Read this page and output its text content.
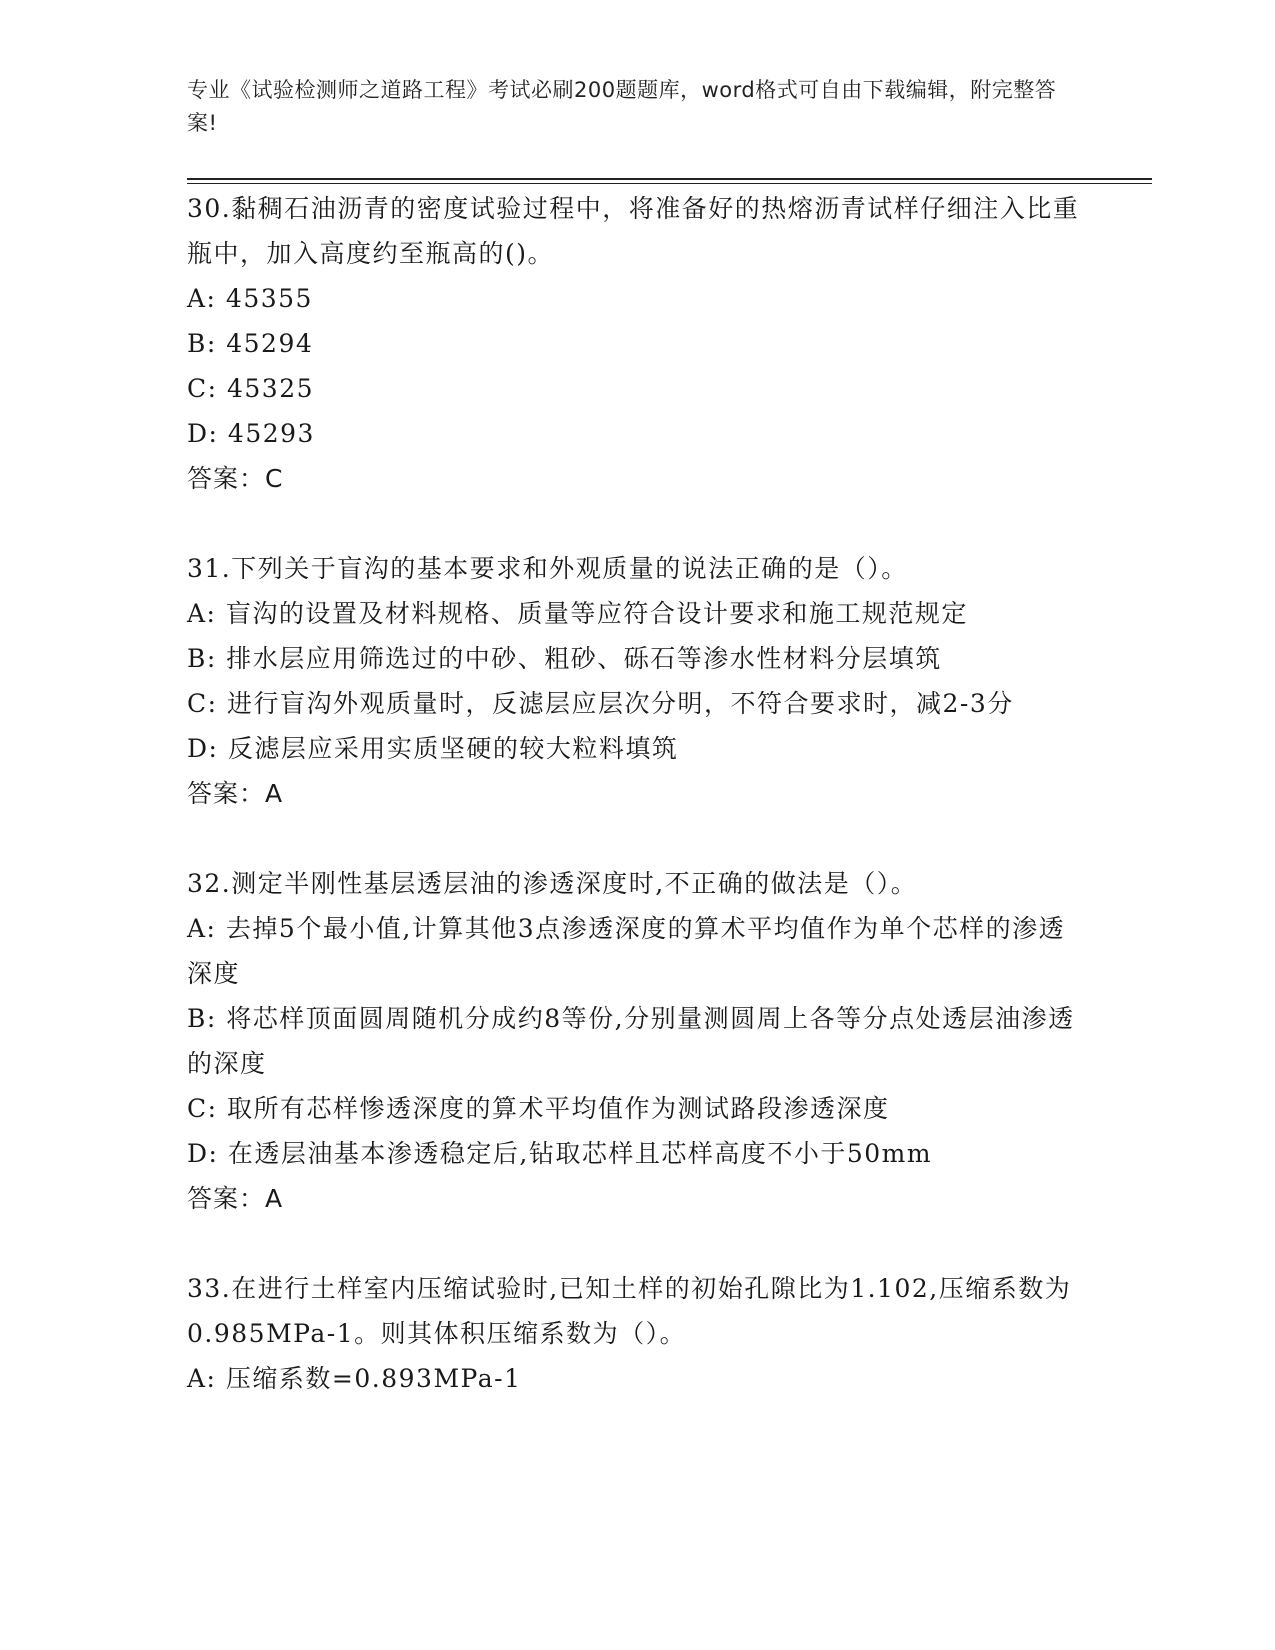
专业《试验检测师之道路工程》考试必刷200题题库，word格式可自由下载编辑，附完整答案!
30.黏稠石油沥青的密度试验过程中，将准备好的热熔沥青试样仔细注入比重瓶中，加入高度约至瓶高的()。
A: 45355
B: 45294
C: 45325
D: 45293
答案：C
31.下列关于盲沟的基本要求和外观质量的说法正确的是（）。
A: 盲沟的设置及材料规格、质量等应符合设计要求和施工规范规定
B: 排水层应用筛选过的中砂、粗砂、砾石等渗水性材料分层填筑
C: 进行盲沟外观质量时，反滤层应层次分明，不符合要求时，减2-3分
D: 反滤层应采用实质坚硬的较大粒料填筑
答案：A
32.测定半刚性基层透层油的渗透深度时,不正确的做法是（）。
A: 去掉5个最小值,计算其他3点渗透深度的算术平均值作为单个芯样的渗透深度
B: 将芯样顶面圆周随机分成约8等份,分别量测圆周上各等分点处透层油渗透的深度
C: 取所有芯样惨透深度的算术平均值作为测试路段渗透深度
D: 在透层油基本渗透稳定后,钻取芯样且芯样高度不小于50mm
答案：A
33.在进行土样室内压缩试验时,已知土样的初始孔隙比为1.102,压缩系数为0.985MPa-1。则其体积压缩系数为（）。
A: 压缩系数=0.893MPa-1
